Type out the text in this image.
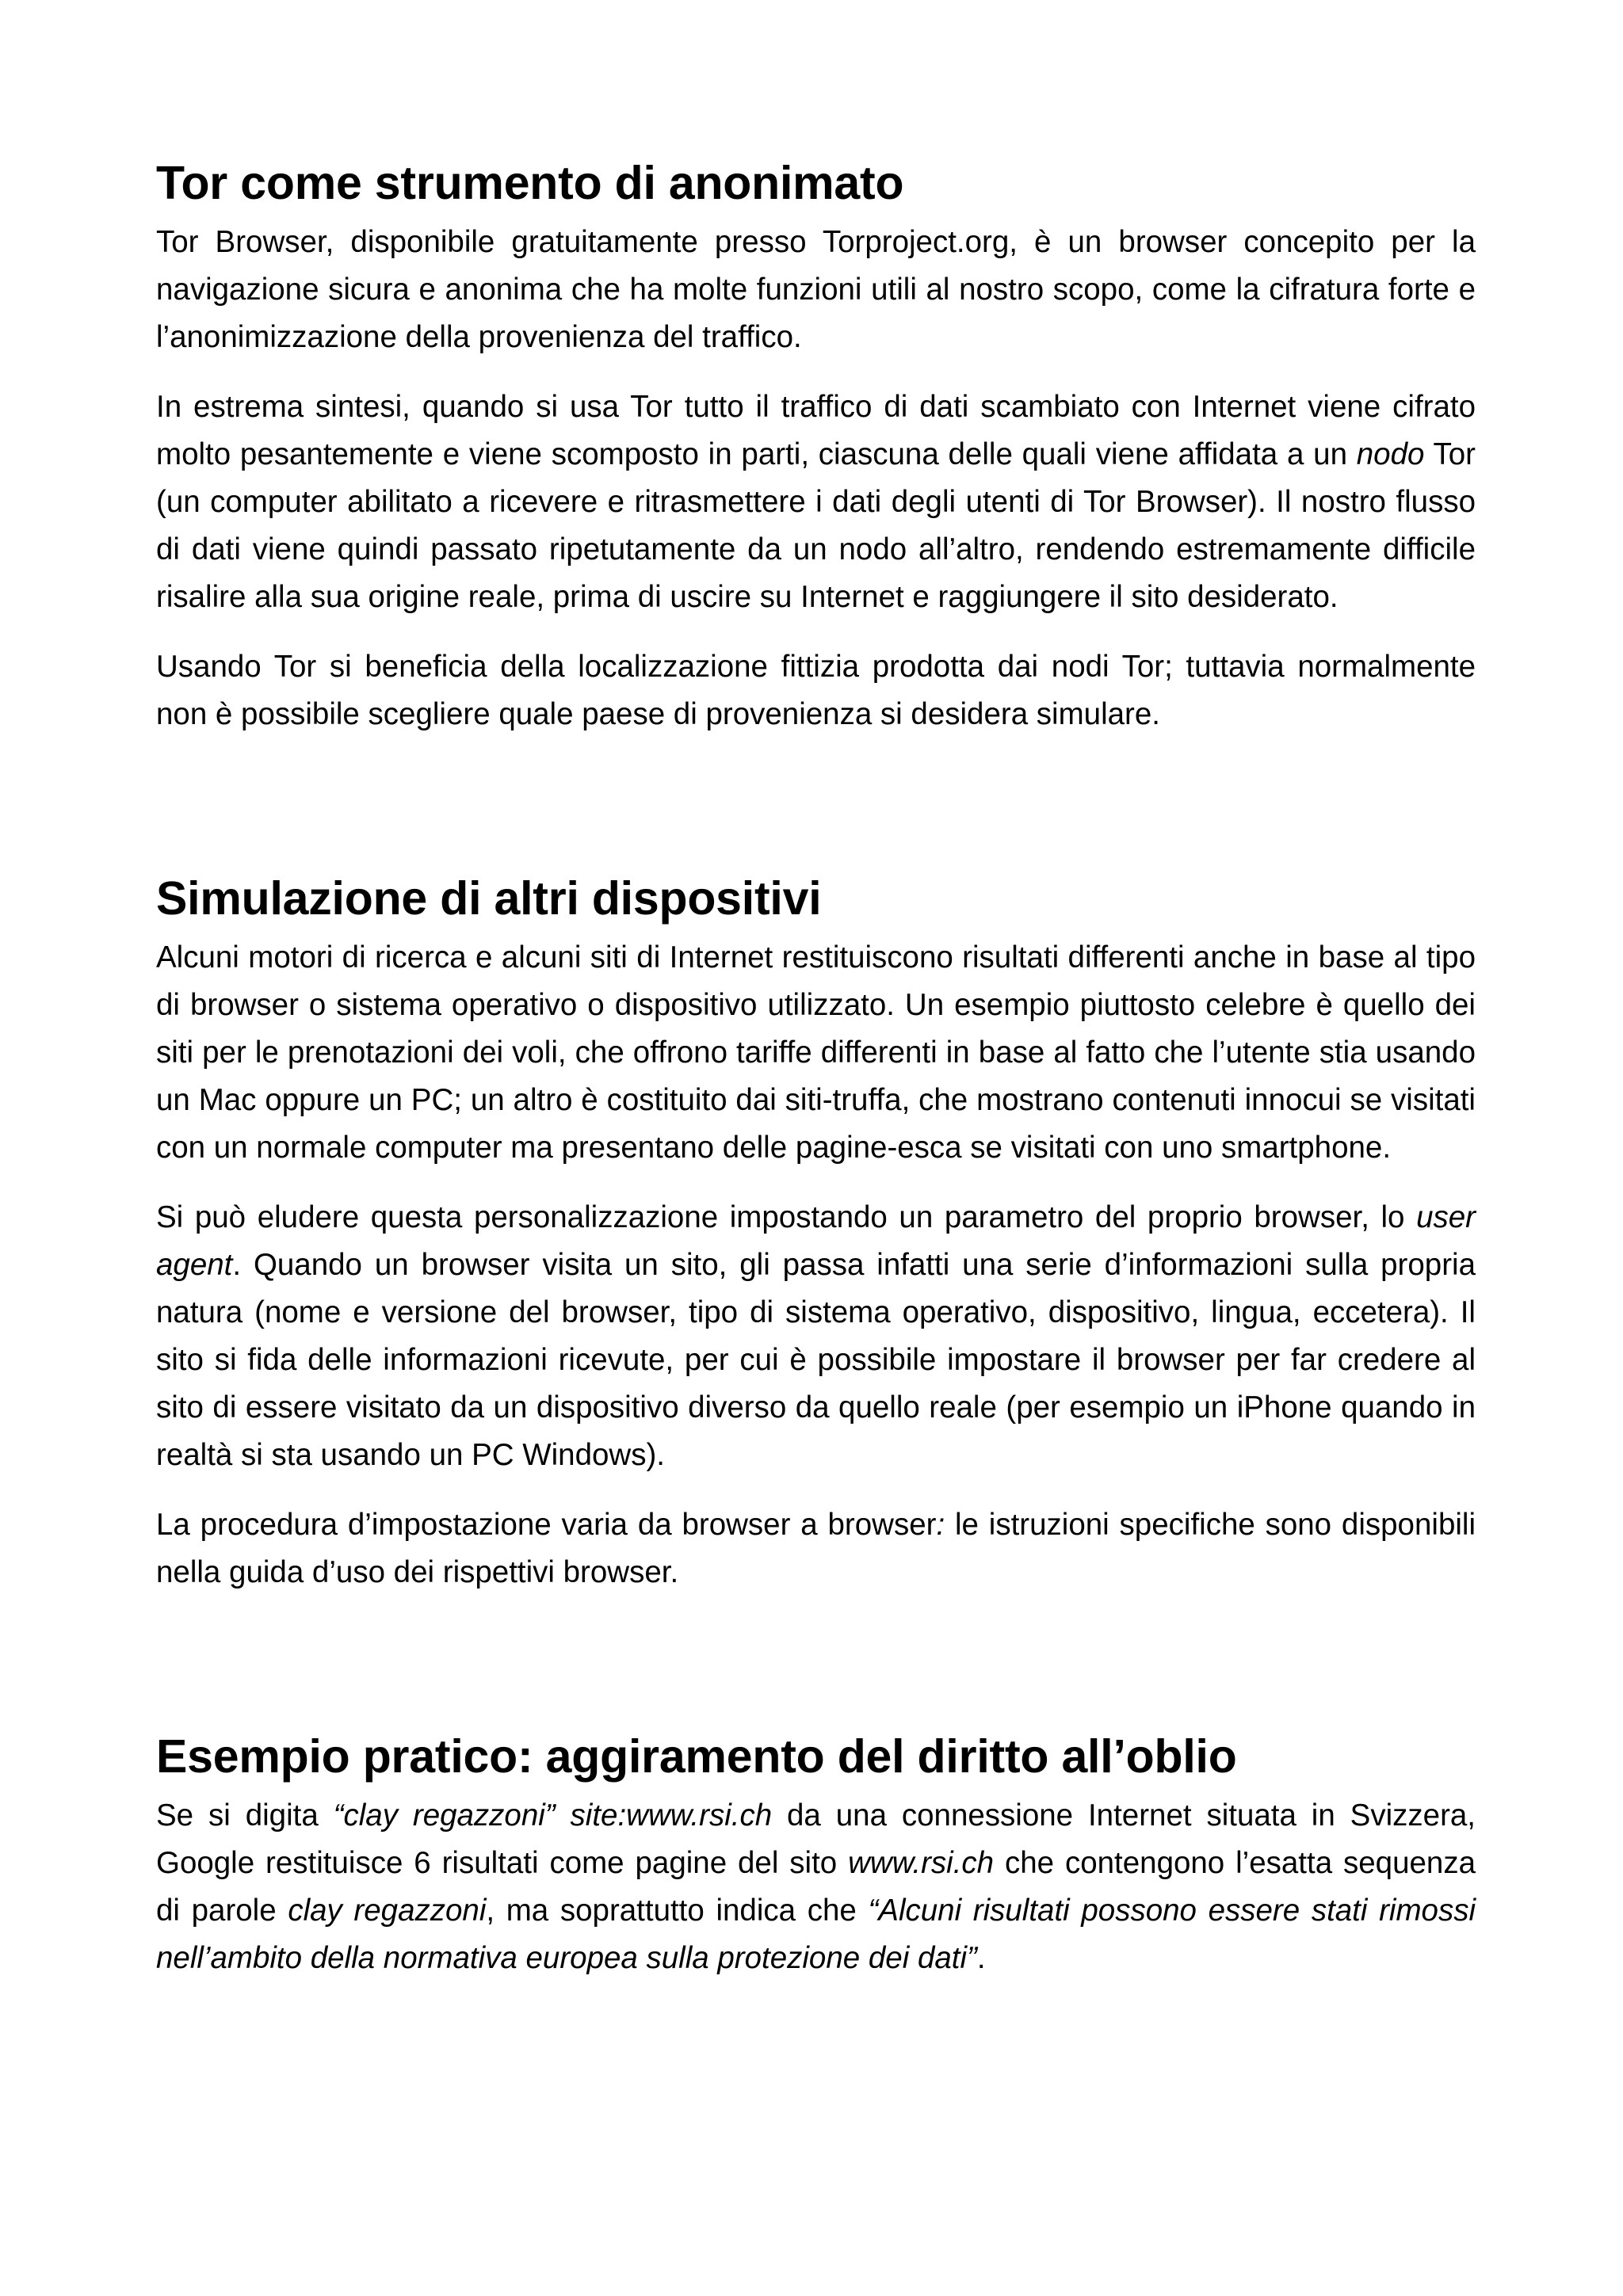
Tor come strumento di anonimato

Tor Browser, disponibile gratuitamente presso Torproject.org, è un browser concepito per la navigazione sicura e anonima che ha molte funzioni utili al nostro scopo, come la cifratura forte e l’anonimizzazione della provenienza del traffico.

In estrema sintesi, quando si usa Tor tutto il traffico di dati scambiato con Internet viene cifrato molto pesantemente e viene scomposto in parti, ciascuna delle quali viene affidata a un nodo Tor (un computer abilitato a ricevere e ritrasmettere i dati degli utenti di Tor Browser). Il nostro flusso di dati viene quindi passato ripetutamente da un nodo all’altro, rendendo estremamente difficile risalire alla sua origine reale, prima di uscire su Internet e raggiungere il sito desiderato.

Usando Tor si beneficia della localizzazione fittizia prodotta dai nodi Tor; tuttavia normalmente non è possibile scegliere quale paese di provenienza si desidera simulare.

Simulazione di altri dispositivi

Alcuni motori di ricerca e alcuni siti di Internet restituiscono risultati differenti anche in base al tipo di browser o sistema operativo o dispositivo utilizzato. Un esempio piuttosto celebre è quello dei siti per le prenotazioni dei voli, che offrono tariffe differenti in base al fatto che l’utente stia usando un Mac oppure un PC; un altro è costituito dai siti-truffa, che mostrano contenuti innocui se visitati con un normale computer ma presentano delle pagine-esca se visitati con uno smartphone.

Si può eludere questa personalizzazione impostando un parametro del proprio browser, lo user agent. Quando un browser visita un sito, gli passa infatti una serie d’informazioni sulla propria natura (nome e versione del browser, tipo di sistema operativo, dispositivo, lingua, eccetera). Il sito si fida delle informazioni ricevute, per cui è possibile impostare il browser per far credere al sito di essere visitato da un dispositivo diverso da quello reale (per esempio un iPhone quando in realtà si sta usando un PC Windows).

La procedura d’impostazione varia da browser a browser: le istruzioni specifiche sono disponibili nella guida d’uso dei rispettivi browser.

Esempio pratico: aggiramento del diritto all’oblio

Se si digita “clay regazzoni” site:www.rsi.ch da una connessione Internet situata in Svizzera, Google restituisce 6 risultati come pagine del sito www.rsi.ch che contengono l’esatta sequenza di parole clay regazzoni, ma soprattutto indica che “Alcuni risultati possono essere stati rimossi nell’ambito della normativa europea sulla protezione dei dati”.
